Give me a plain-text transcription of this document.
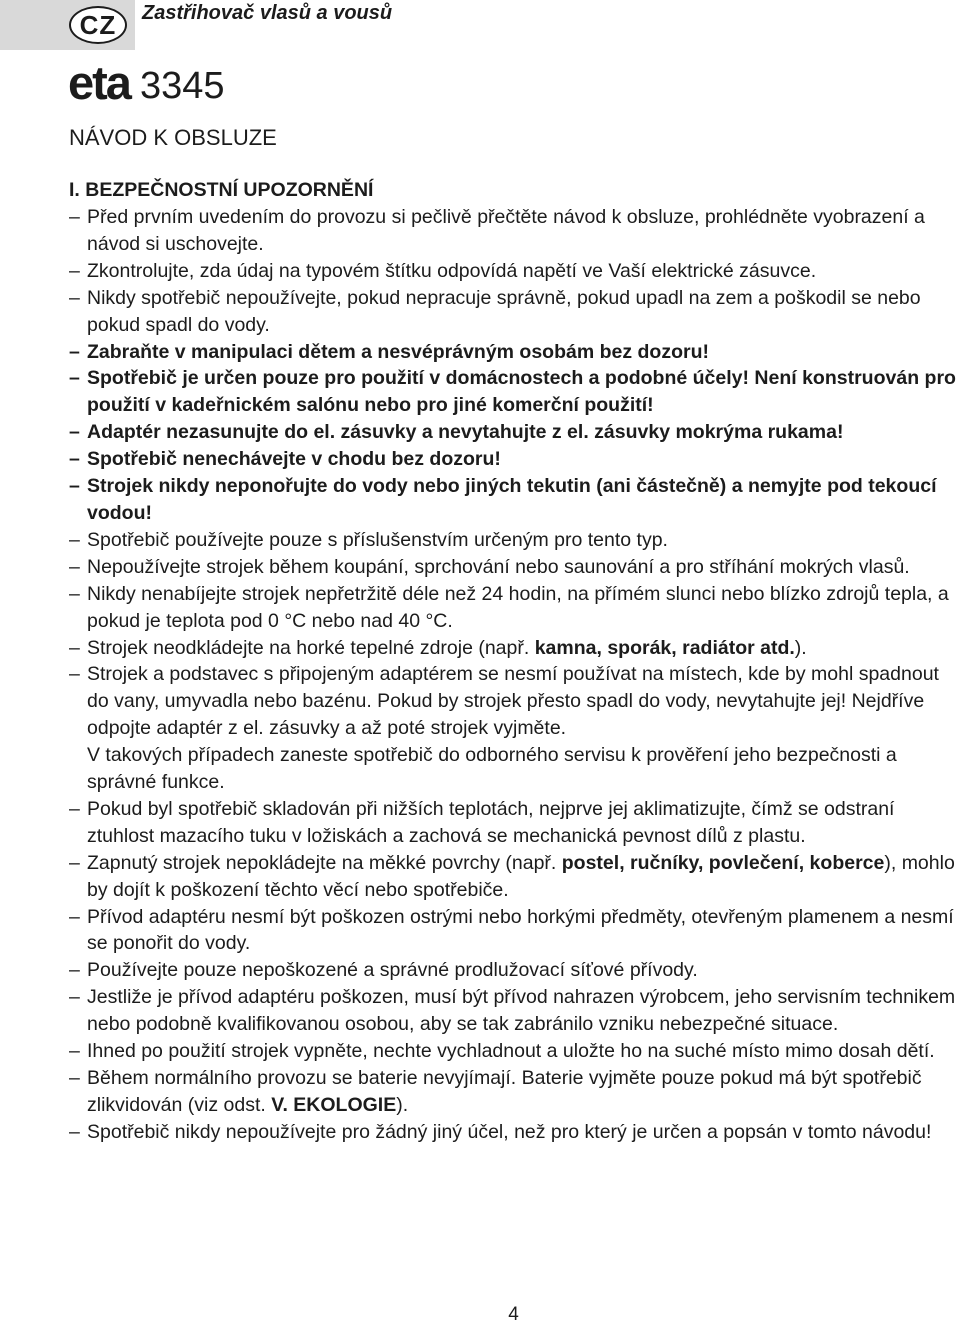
CZ	Zastřihovač vlasů a vousů
eta 3345
NÁVOD K OBSLUZE
I. BEZPEČNOSTNÍ UPOZORNĚNÍ
– Před prvním uvedením do provozu si pečlivě přečtěte návod k obsluze, prohlédněte vyobrazení a návod si uschovejte.
– Zkontrolujte, zda údaj na typovém štítku odpovídá napětí ve Vaší elektrické zásuvce.
– Nikdy spotřebič nepoužívejte, pokud nepracuje správně, pokud upadl na zem a poškodil se nebo pokud spadl do vody.
– Zabraňte v manipulaci dětem a nesvéprávným osobám bez dozoru!
– Spotřebič je určen pouze pro použití v domácnostech a podobné účely! Není konstruován pro použití v kadeřnickém salónu nebo pro jiné komerční použití!
– Adaptér nezasunujte do el. zásuvky a nevytahujte z el. zásuvky mokrýma rukama!
– Spotřebič nenechávejte v chodu bez dozoru!
– Strojek nikdy neponořujte do vody nebo jiných tekutin (ani částečně) a nemyjte pod tekoucí vodou!
– Spotřebič používejte pouze s příslušenstvím určeným pro tento typ.
– Nepoužívejte strojek během koupání, sprchování nebo saunování a pro stříhání mokrých vlasů.
– Nikdy nenabíjejte strojek nepřetržitě déle než 24 hodin, na přímém slunci nebo blízko zdrojů tepla, a pokud je teplota pod 0 °C nebo nad 40 °C.
– Strojek neodkládejte na horké tepelné zdroje (např. kamna, sporák, radiátor atd.).
– Strojek a podstavec s připojeným adaptérem se nesmí používat na místech, kde by mohl spadnout do vany, umyvadla nebo bazénu. Pokud by strojek přesto spadl do vody, nevytahujte jej! Nejdříve odpojte adaptér z el. zásuvky a až poté strojek vyjměte.
V takových případech zaneste spotřebič do odborného servisu k prověření jeho bezpečnosti a správné funkce.
– Pokud byl spotřebič skladován při nižších teplotách, nejprve jej aklimatizujte, čímž se odstraní ztuhlost mazacího tuku v ložiskách a zachová se mechanická pevnost dílů z plastu.
– Zapnutý strojek nepokládejte na měkké povrchy (např. postel, ručníky, povlečení, koberce), mohlo by dojít k poškození těchto věcí nebo spotřebiče.
– Přívod adaptéru nesmí být poškozen ostrými nebo horkými předměty, otevřeným plamenem a nesmí se ponořit do vody.
– Používejte pouze nepoškozené a správné prodlužovací síťové přívody.
– Jestliže je přívod adaptéru poškozen, musí být přívod nahrazen výrobcem, jeho servisním technikem nebo podobně kvalifikovanou osobou, aby se tak zabránilo vzniku nebezpečné situace.
– Ihned po použití strojek vypněte, nechte vychladnout a uložte ho na suché místo mimo dosah dětí.
– Během normálního provozu se baterie nevyjímají. Baterie vyjměte pouze pokud má být spotřebič zlikvidován (viz odst. V. EKOLOGIE).
– Spotřebič nikdy nepoužívejte pro žádný jiný účel, než pro který je určen a popsán v tomto návodu!
4
